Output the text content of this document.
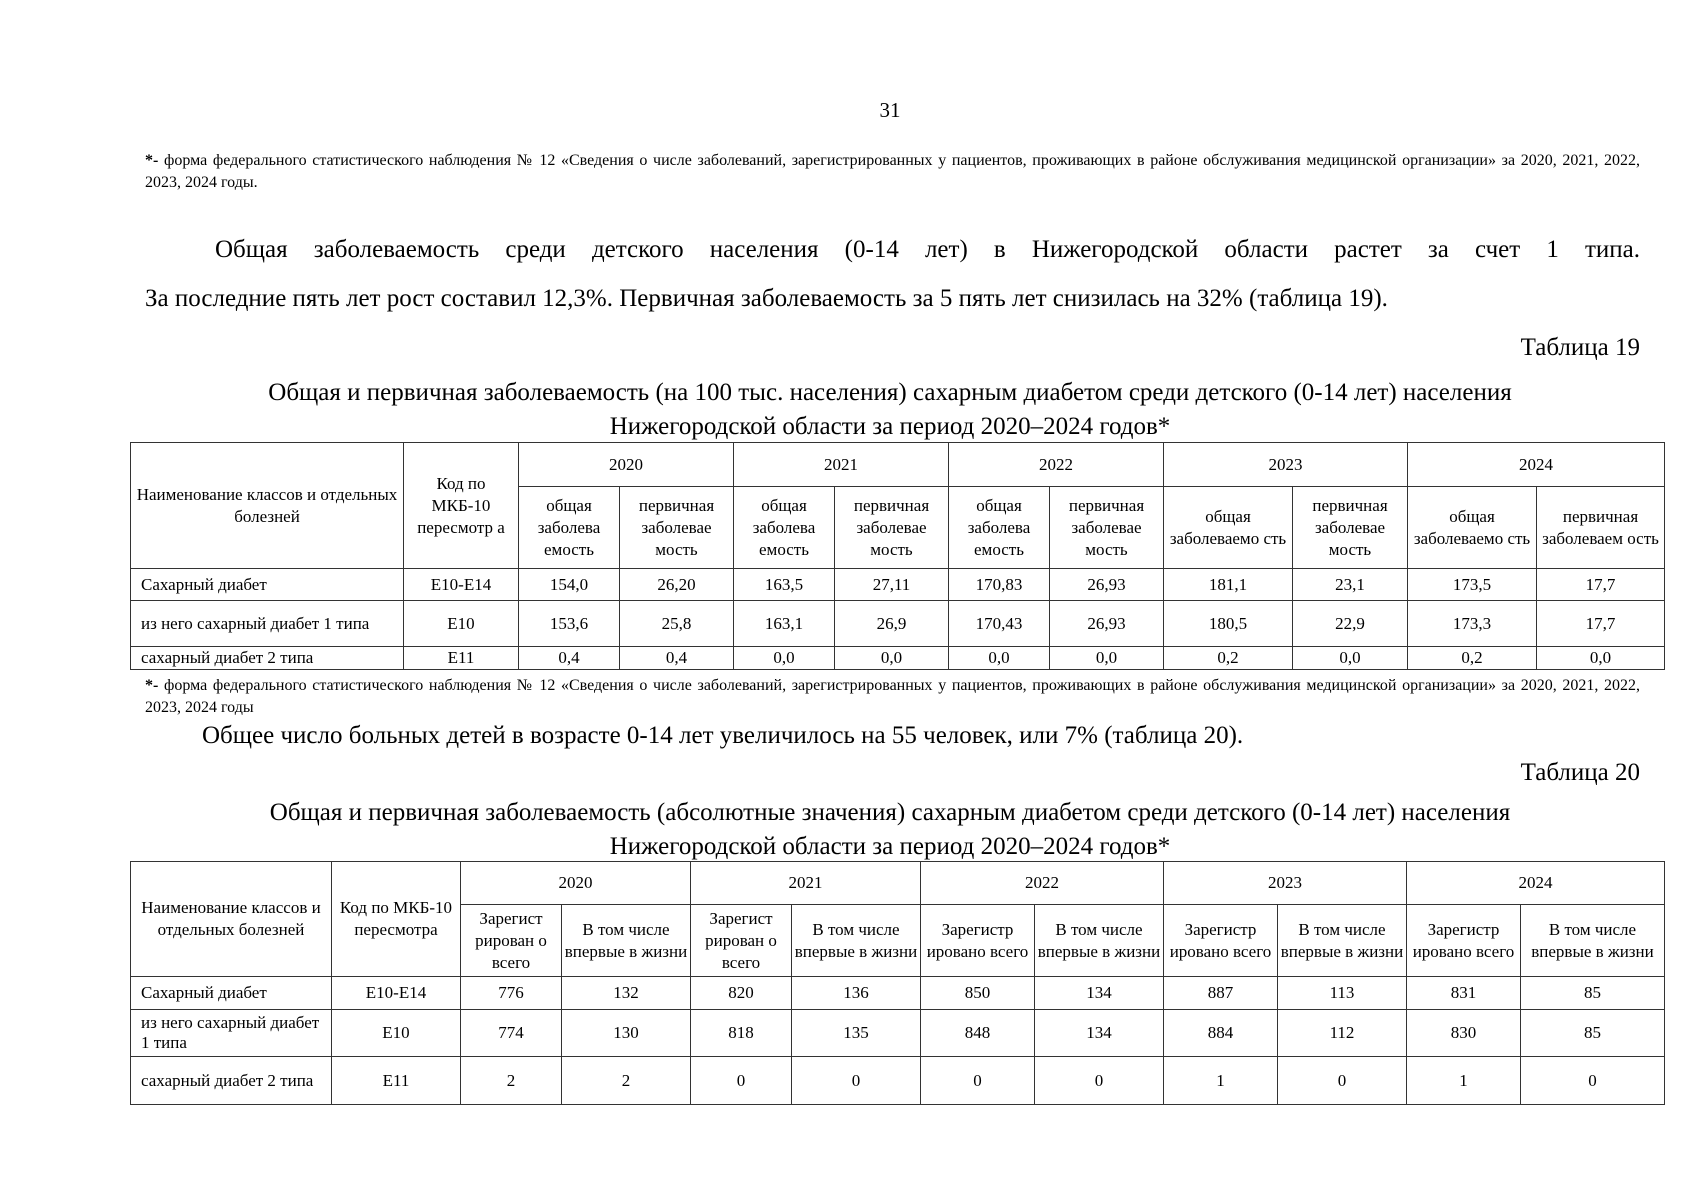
31
*- форма федерального статистического наблюдения № 12 «Сведения о числе заболеваний, зарегистрированных у пациентов, проживающих в районе обслуживания медицинской организации» за 2020, 2021, 2022, 2023, 2024 годы.
Общая заболеваемость среди детского населения (0-14 лет) в Нижегородской области растет за счет 1 типа.
За последние пять лет рост составил 12,3%. Первичная заболеваемость за 5 пять лет снизилась на 32% (таблица 19).
Таблица 19
Общая и первичная заболеваемость (на 100 тыс. населения) сахарным диабетом среди детского (0-14 лет) населения
Нижегородской области за период 2020–2024 годов*
Наименование классов и отдельных болезней	Код по МКБ-10 пересмотр а	2020		2021		2022		2023		2024	
		общая заболева емость	первичная заболевае мость	общая заболева емость	первичная заболевае мость	общая заболева емость	первичная заболевае мость	общая заболеваемо сть	первичная заболевае мость	общая заболеваемо сть	первичная заболеваем ость
Сахарный диабет	E10-E14	154,0	26,20	163,5	27,11	170,83	26,93	181,1	23,1	173,5	17,7
из него сахарный диабет 1 типа	E10	153,6	25,8	163,1	26,9	170,43	26,93	180,5	22,9	173,3	17,7
сахарный диабет 2 типа	E11	0,4	0,4	0,0	0,0	0,0	0,0	0,2	0,0	0,2	0,0
*- форма федерального статистического наблюдения № 12 «Сведения о числе заболеваний, зарегистрированных у пациентов, проживающих в районе обслуживания медицинской организации» за 2020, 2021, 2022, 2023, 2024 годы
Общее число больных детей в возрасте 0-14 лет увеличилось на 55 человек, или 7% (таблица 20).
Таблица 20
Общая и первичная заболеваемость (абсолютные значения) сахарным диабетом среди детского (0-14 лет) населения
Нижегородской области за период 2020–2024 годов*
Наименование классов и отдельных болезней	Код по МКБ-10 пересмотра	2020		2021		2022		2023		2024	
		Зарегист рирован о всего	В том числе впервые в жизни	Зарегист рирован о всего	В том числе впервые в жизни	Зарегистр ировано всего	В том числе впервые в жизни	Зарегистр ировано всего	В том числе впервые в жизни	Зарегистр ировано всего	В том числе впервые в жизни
Сахарный диабет	E10-E14	776	132	820	136	850	134	887	113	831	85
из него сахарный диабет 1 типа	E10	774	130	818	135	848	134	884	112	830	85
сахарный диабет 2 типа	E11	2	2	0	0	0	0	1	0	1	0
